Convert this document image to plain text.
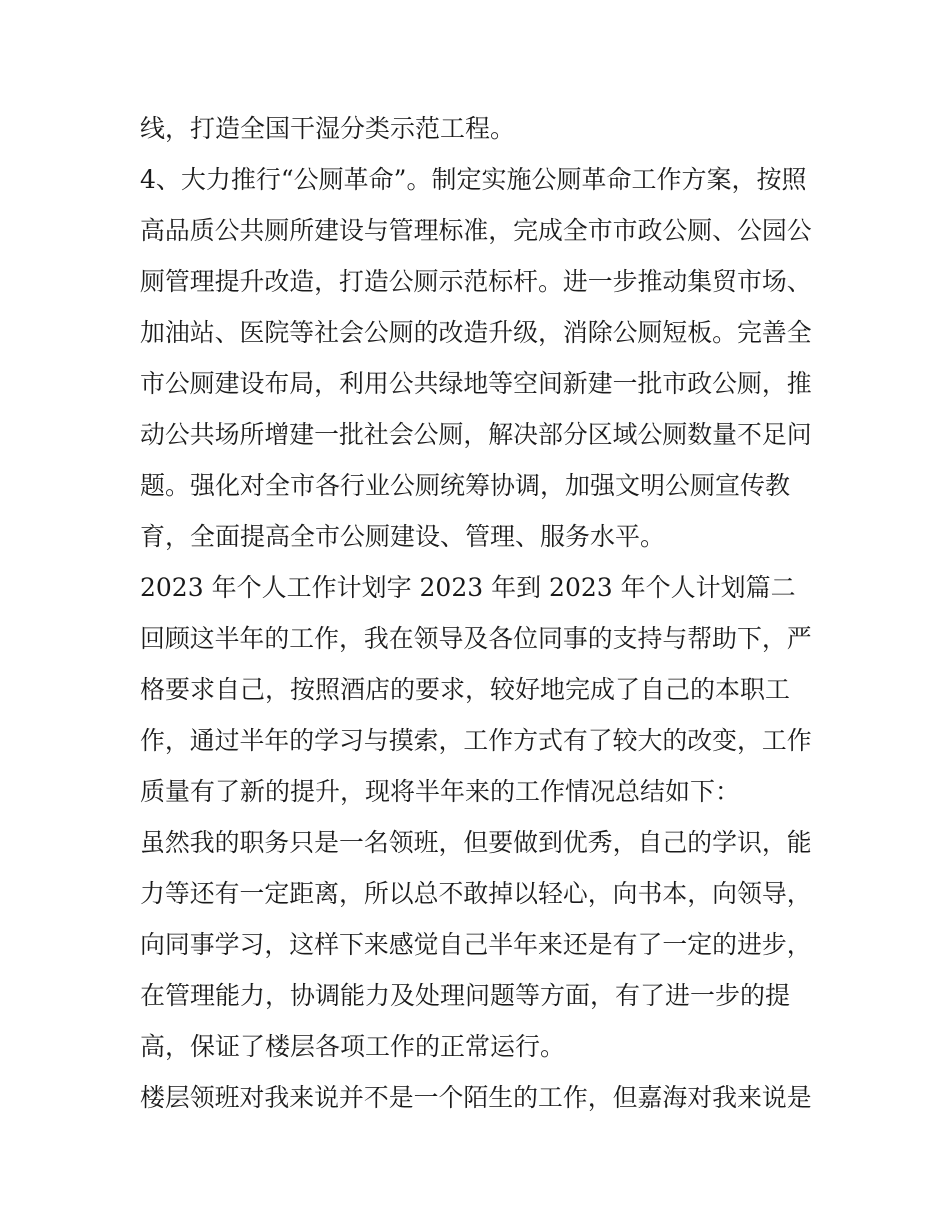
线，打造全国干湿分类示范工程。
4、大力推行“公厕革命”。制定实施公厕革命工作方案，按照
高品质公共厕所建设与管理标准，完成全市市政公厕、公园公
厕管理提升改造，打造公厕示范标杆。进一步推动集贸市场、
加油站、医院等社会公厕的改造升级，消除公厕短板。完善全
市公厕建设布局，利用公共绿地等空间新建一批市政公厕，推
动公共场所增建一批社会公厕，解决部分区域公厕数量不足问
题。强化对全市各行业公厕统筹协调，加强文明公厕宣传教
育，全面提高全市公厕建设、管理、服务水平。
2023 年个人工作计划字 2023 年到 2023 年个人计划篇二
回顾这半年的工作，我在领导及各位同事的支持与帮助下，严
格要求自己，按照酒店的要求，较好地完成了自己的本职工
作，通过半年的学习与摸索，工作方式有了较大的改变，工作
质量有了新的提升，现将半年来的工作情况总结如下：
虽然我的职务只是一名领班，但要做到优秀，自己的学识，能
力等还有一定距离，所以总不敢掉以轻心，向书本，向领导，
向同事学习，这样下来感觉自己半年来还是有了一定的进步，
在管理能力，协调能力及处理问题等方面，有了进一步的提
高，保证了楼层各项工作的正常运行。
楼层领班对我来说并不是一个陌生的工作，但嘉海对我来说是
